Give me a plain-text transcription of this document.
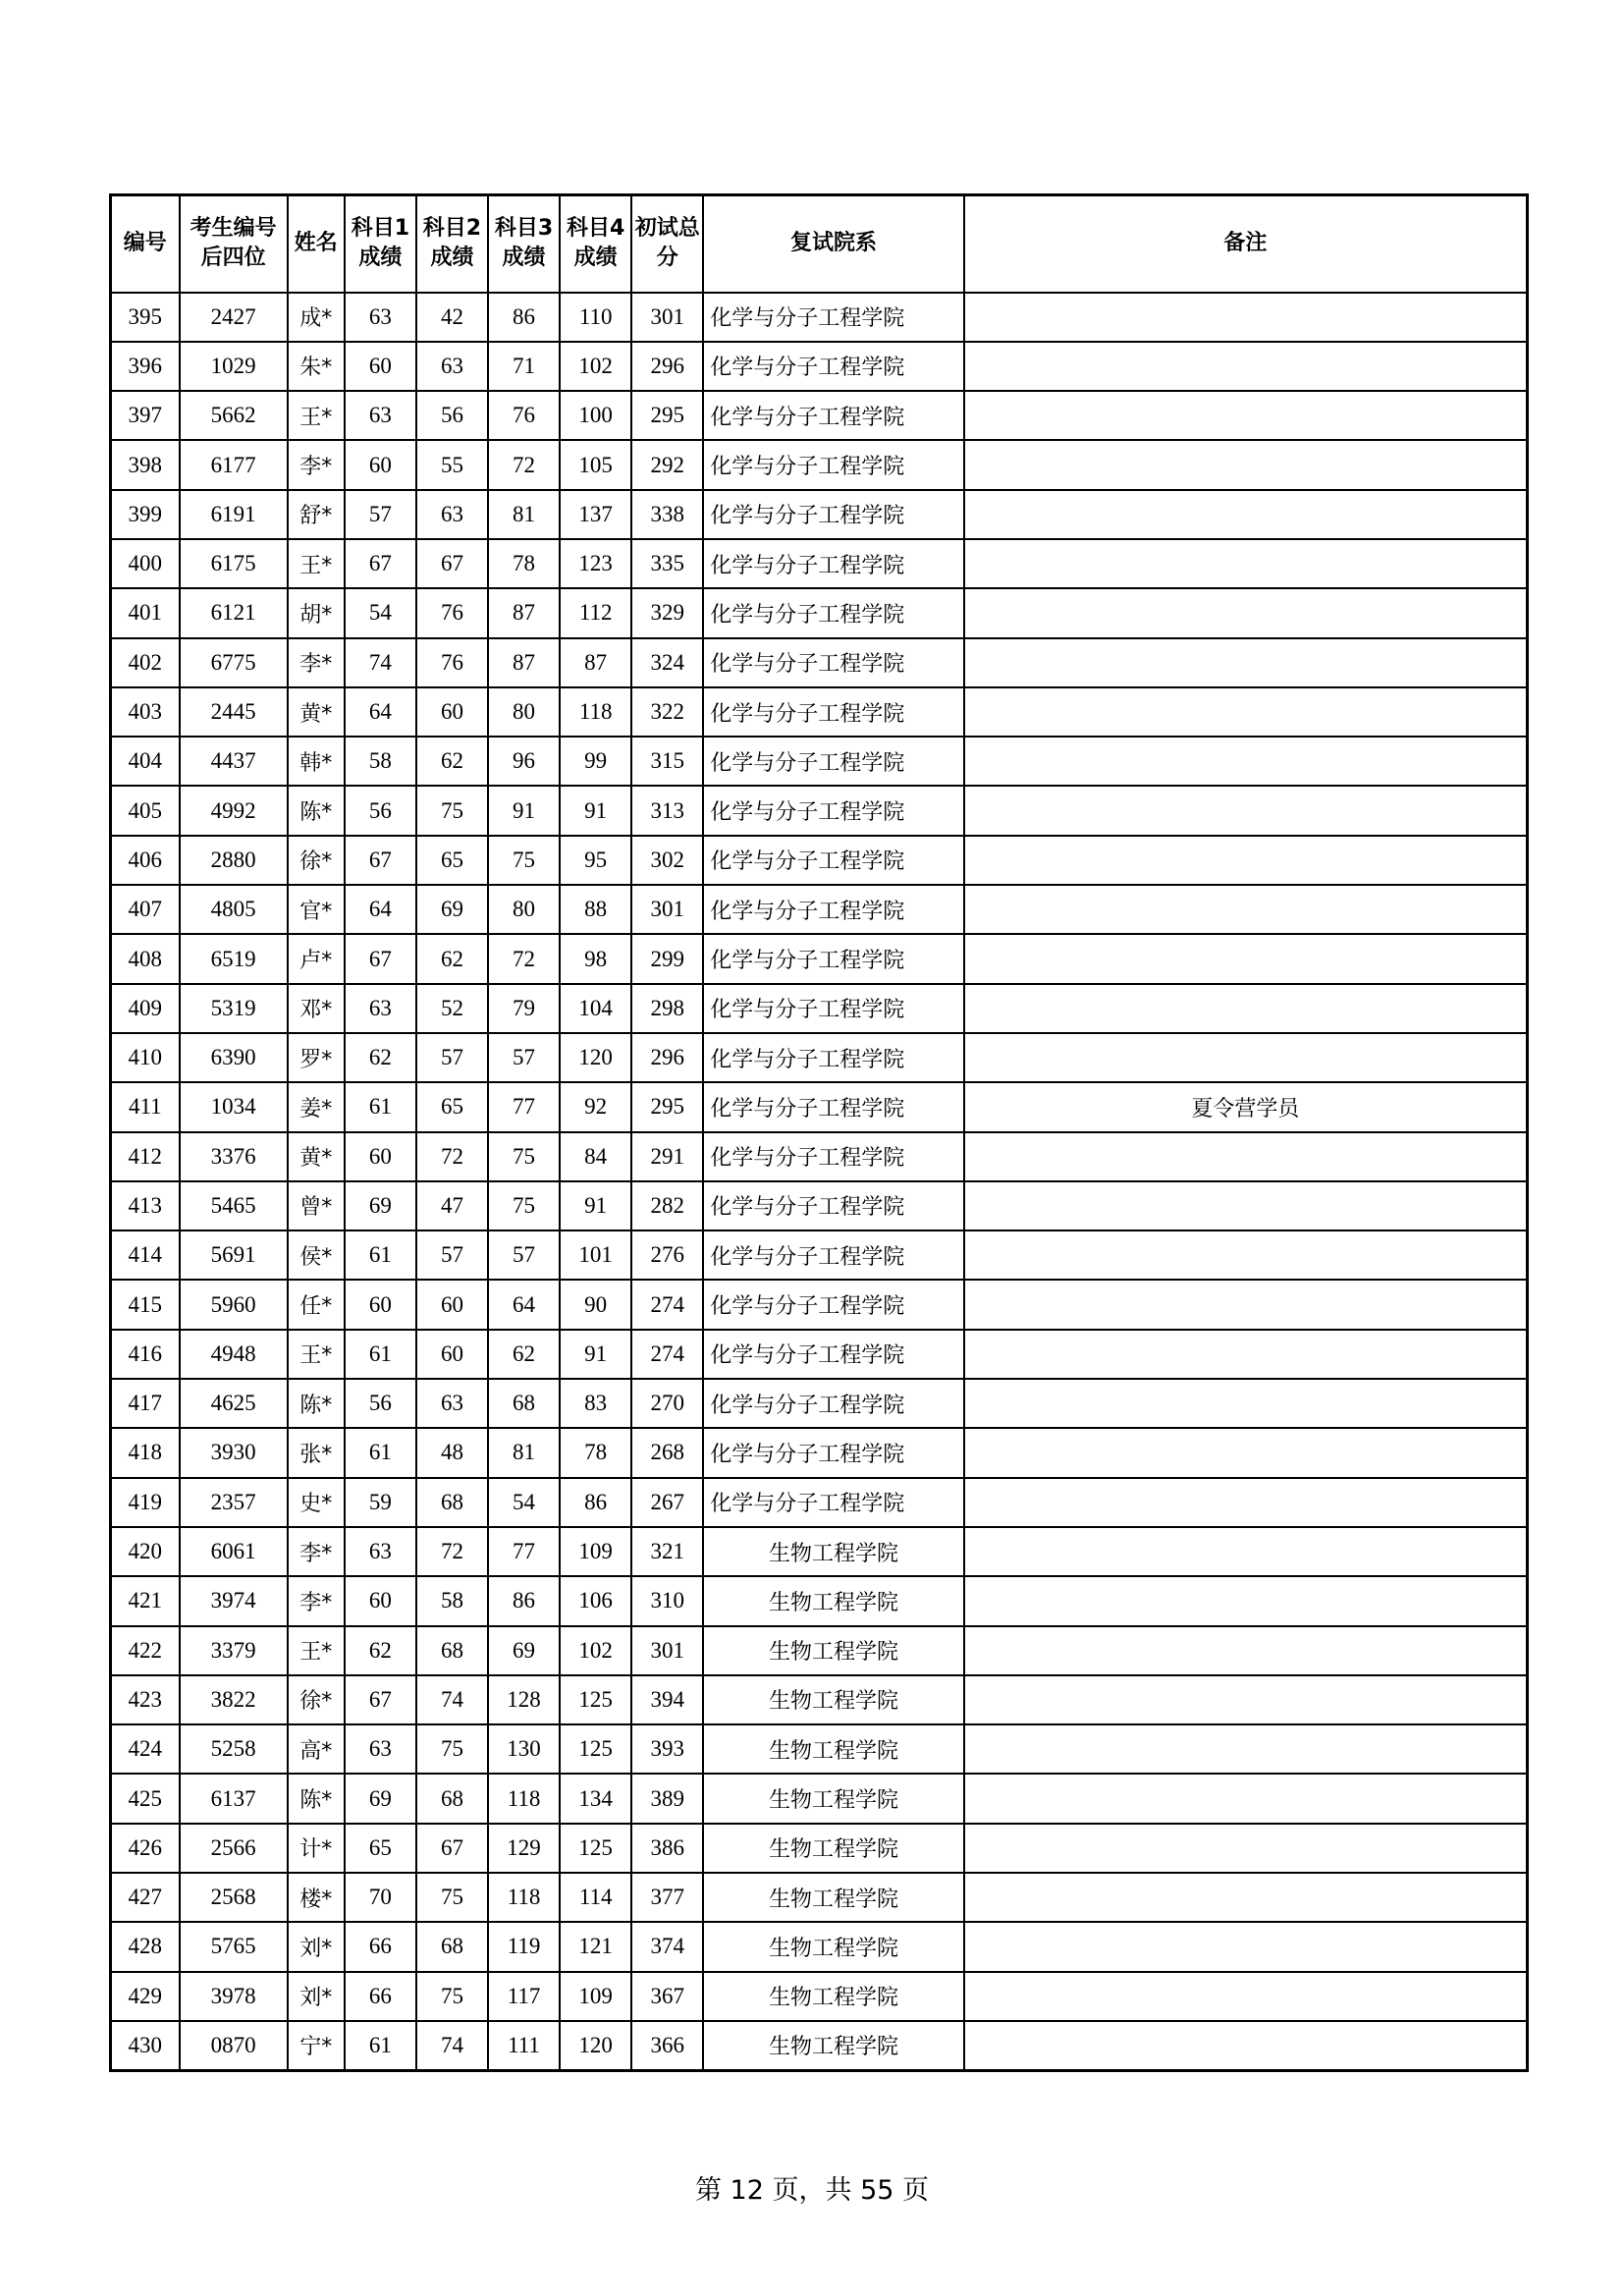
编号	考生编号后四位	姓名	科目1成绩	科目2成绩	科目3成绩	科目4成绩	初试总分	复试院系	备注
395	2427	成*	63	42	86	110	301	化学与分子工程学院	
396	1029	朱*	60	63	71	102	296	化学与分子工程学院	
397	5662	王*	63	56	76	100	295	化学与分子工程学院	
398	6177	李*	60	55	72	105	292	化学与分子工程学院	
399	6191	舒*	57	63	81	137	338	化学与分子工程学院	
400	6175	王*	67	67	78	123	335	化学与分子工程学院	
401	6121	胡*	54	76	87	112	329	化学与分子工程学院	
402	6775	李*	74	76	87	87	324	化学与分子工程学院	
403	2445	黄*	64	60	80	118	322	化学与分子工程学院	
404	4437	韩*	58	62	96	99	315	化学与分子工程学院	
405	4992	陈*	56	75	91	91	313	化学与分子工程学院	
406	2880	徐*	67	65	75	95	302	化学与分子工程学院	
407	4805	官*	64	69	80	88	301	化学与分子工程学院	
408	6519	卢*	67	62	72	98	299	化学与分子工程学院	
409	5319	邓*	63	52	79	104	298	化学与分子工程学院	
410	6390	罗*	62	57	57	120	296	化学与分子工程学院	
411	1034	姜*	61	65	77	92	295	化学与分子工程学院	夏令营学员
412	3376	黄*	60	72	75	84	291	化学与分子工程学院	
413	5465	曾*	69	47	75	91	282	化学与分子工程学院	
414	5691	侯*	61	57	57	101	276	化学与分子工程学院	
415	5960	任*	60	60	64	90	274	化学与分子工程学院	
416	4948	王*	61	60	62	91	274	化学与分子工程学院	
417	4625	陈*	56	63	68	83	270	化学与分子工程学院	
418	3930	张*	61	48	81	78	268	化学与分子工程学院	
419	2357	史*	59	68	54	86	267	化学与分子工程学院	
420	6061	李*	63	72	77	109	321	生物工程学院	
421	3974	李*	60	58	86	106	310	生物工程学院	
422	3379	王*	62	68	69	102	301	生物工程学院	
423	3822	徐*	67	74	128	125	394	生物工程学院	
424	5258	高*	63	75	130	125	393	生物工程学院	
425	6137	陈*	69	68	118	134	389	生物工程学院	
426	2566	计*	65	67	129	125	386	生物工程学院	
427	2568	楼*	70	75	118	114	377	生物工程学院	
428	5765	刘*	66	68	119	121	374	生物工程学院	
429	3978	刘*	66	75	117	109	367	生物工程学院	
430	0870	宁*	61	74	111	120	366	生物工程学院	
第 12 页，共 55 页
